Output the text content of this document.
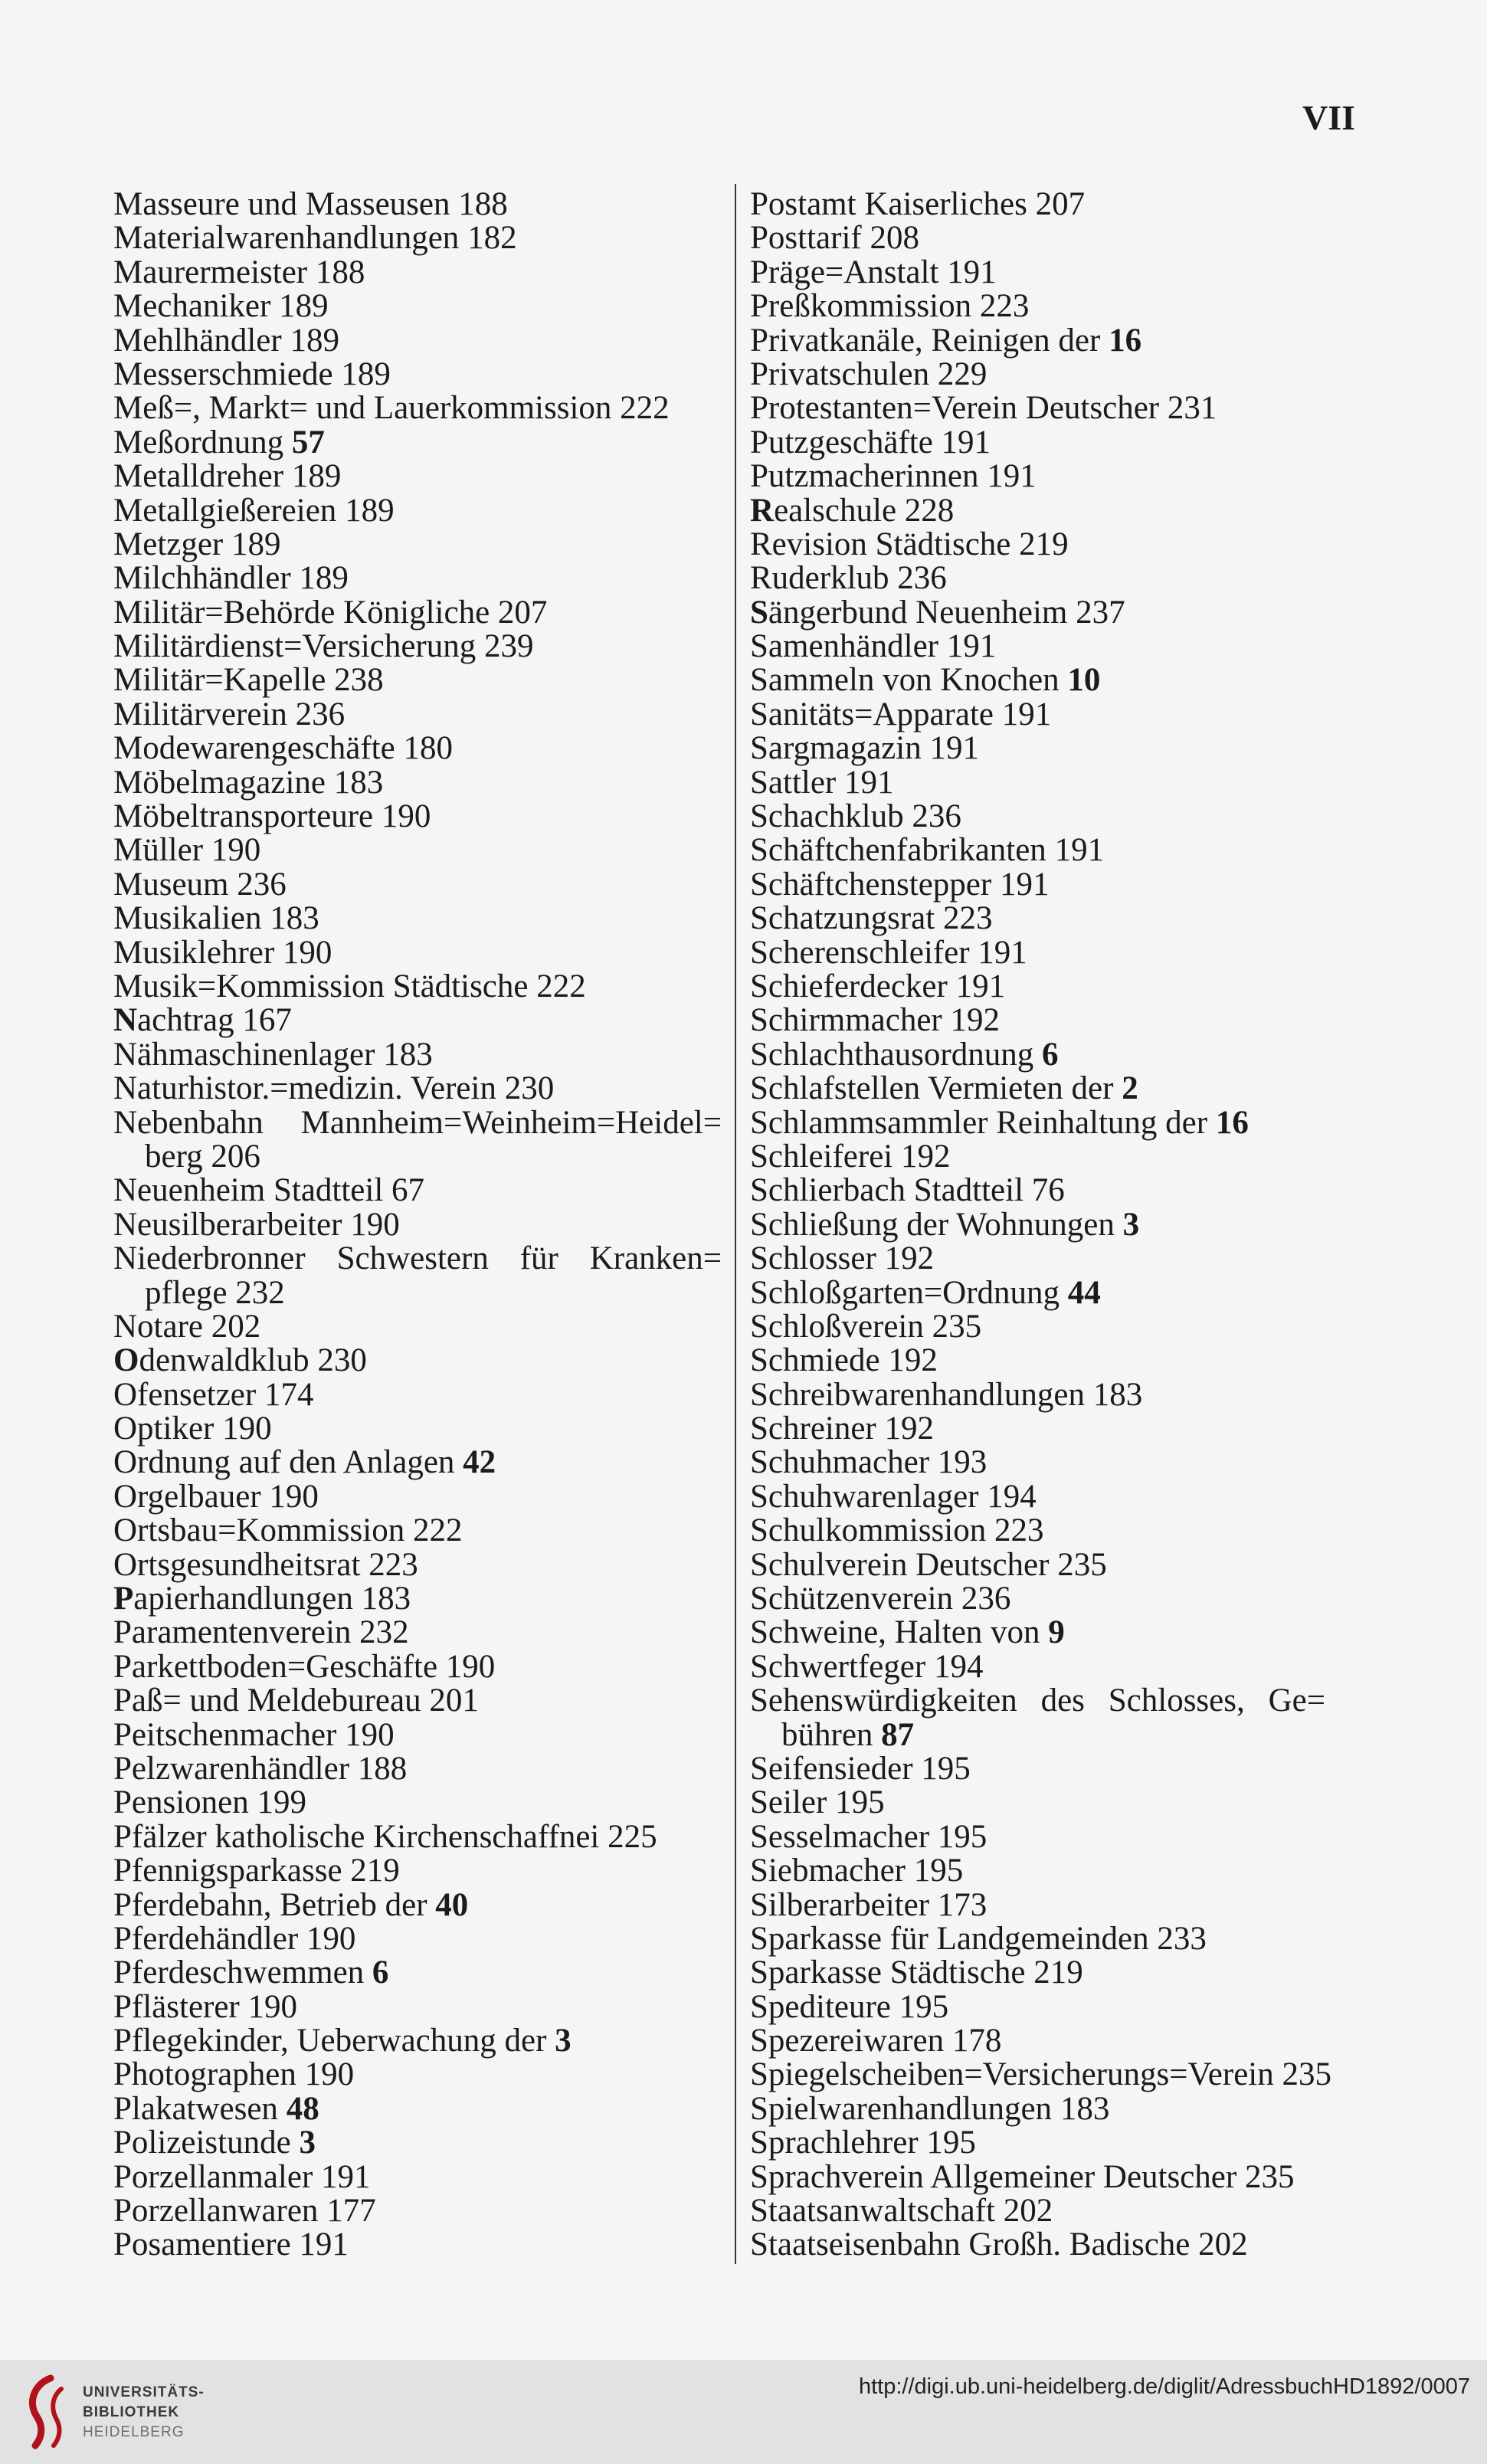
VII
Masseure und Masseusen 188
Materialwarenhandlungen 182
Maurermeister 188
Mechaniker 189
Mehlhändler 189
Messerschmiede 189
Meß=, Markt= und Lauerkommission 222
Meßordnung 57
Metalldreher 189
Metallgießereien 189
Metzger 189
Milchhändler 189
Militär=Behörde Königliche 207
Militärdienst=Versicherung 239
Militär=Kapelle 238
Militärverein 236
Modewarengeschäfte 180
Möbelmagazine 183
Möbeltransporteure 190
Müller 190
Museum 236
Musikalien 183
Musiklehrer 190
Musik=Kommission Städtische 222
Nachtrag 167
Nähmaschinenlager 183
Naturhistor.=medizin. Verein 230
Nebenbahn Mannheim=Weinheim=Heidel=
berg 206
Neuenheim Stadtteil 67
Neusilberarbeiter 190
Niederbronner Schwestern für Kranken=
pflege 232
Notare 202
Odenwaldklub 230
Ofensetzer 174
Optiker 190
Ordnung auf den Anlagen 42
Orgelbauer 190
Ortsbau=Kommission 222
Ortsgesundheitsrat 223
Papierhandlungen 183
Paramentenverein 232
Parkettboden=Geschäfte 190
Paß= und Meldebureau 201
Peitschenmacher 190
Pelzwarenhändler 188
Pensionen 199
Pfälzer katholische Kirchenschaffnei 225
Pfennigsparkasse 219
Pferdebahn, Betrieb der 40
Pferdehändler 190
Pferdeschwemmen 6
Pflästerer 190
Pflegekinder, Ueberwachung der 3
Photographen 190
Plakatwesen 48
Polizeistunde 3
Porzellanmaler 191
Porzellanwaren 177
Posamentiere 191
Postamt Kaiserliches 207
Posttarif 208
Präge=Anstalt 191
Preßkommission 223
Privatkanäle, Reinigen der 16
Privatschulen 229
Protestanten=Verein Deutscher 231
Putzgeschäfte 191
Putzmacherinnen 191
Realschule 228
Revision Städtische 219
Ruderklub 236
Sängerbund Neuenheim 237
Samenhändler 191
Sammeln von Knochen 10
Sanitäts=Apparate 191
Sargmagazin 191
Sattler 191
Schachklub 236
Schäftchenfabrikanten 191
Schäftchenstepper 191
Schatzungsrat 223
Scherenschleifer 191
Schieferdecker 191
Schirmmacher 192
Schlachthausordnung 6
Schlafstellen Vermieten der 2
Schlammsammler Reinhaltung der 16
Schleiferei 192
Schlierbach Stadtteil 76
Schließung der Wohnungen 3
Schlosser 192
Schloßgarten=Ordnung 44
Schloßverein 235
Schmiede 192
Schreibwarenhandlungen 183
Schreiner 192
Schuhmacher 193
Schuhwarenlager 194
Schulkommission 223
Schulverein Deutscher 235
Schützenverein 236
Schweine, Halten von 9
Schwertfeger 194
Sehenswürdigkeiten des Schlosses, Ge=
bühren 87
Seifensieder 195
Seiler 195
Sesselmacher 195
Siebmacher 195
Silberarbeiter 173
Sparkasse für Landgemeinden 233
Sparkasse Städtische 219
Spediteure 195
Spezereiwaren 178
Spiegelscheiben=Versicherungs=Verein 235
Spielwarenhandlungen 183
Sprachlehrer 195
Sprachverein Allgemeiner Deutscher 235
Staatsanwaltschaft 202
Staatseisenbahn Großh. Badische 202
UNIVERSITÄTS-
BIBLIOTHEK
HEIDELBERG
http://digi.ub.uni-heidelberg.de/diglit/AdressbuchHD1892/0007
